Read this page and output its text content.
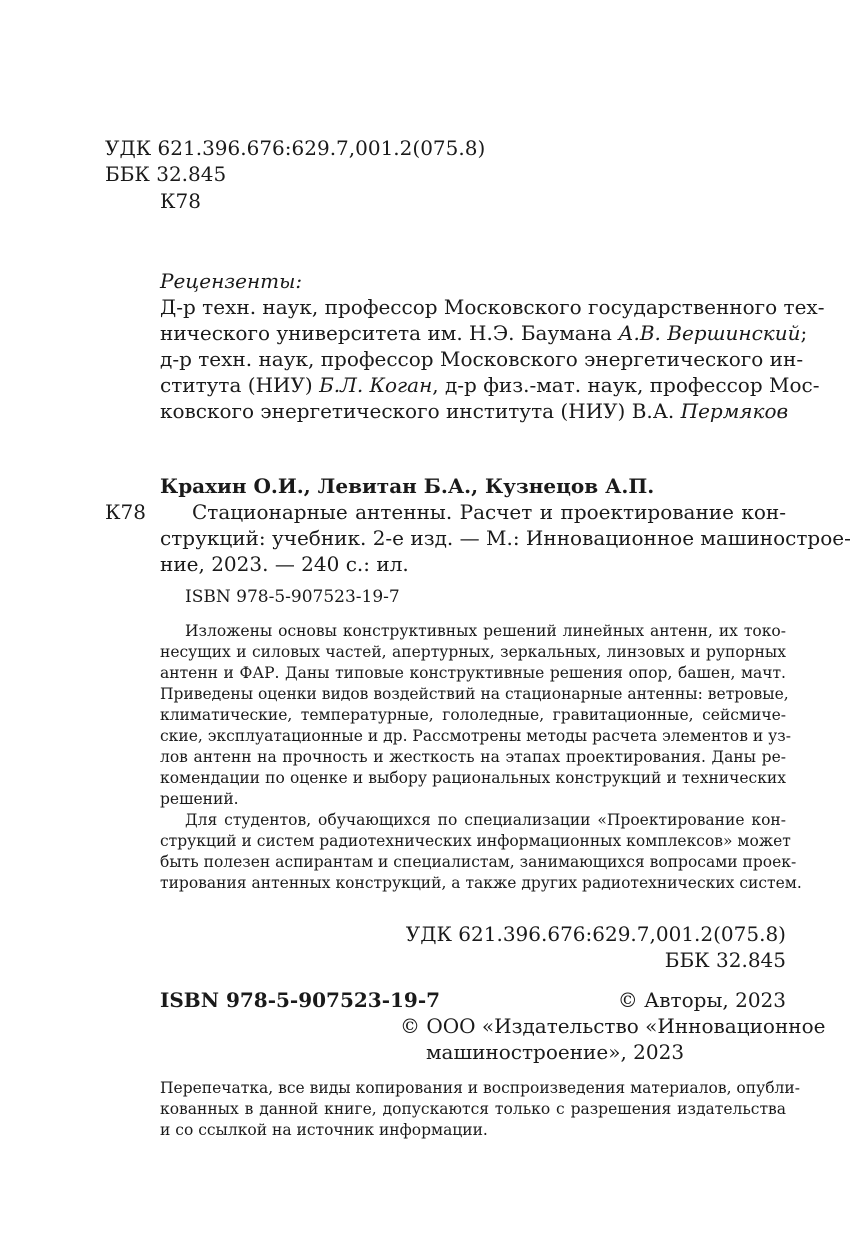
УДК 621.396.676:629.7,001.2(075.8)
ББК 32.845
К78
Рецензенты:
Д-р техн. наук, профессор Московского государственного тех-
нического университета им. Н.Э. Баумана А.В. Вершинский;
д-р техн. наук, профессор Московского энергетического ин-
ститута (НИУ) Б.Л. Коган, д-р физ.-мат. наук, профессор Мос-
ковского энергетического института (НИУ) В.А. Пермяков
Крахин О.И., Левитан Б.А., Кузнецов А.П.
К78	Стационарные антенны. Расчет и проектирование кон-
струкций: учебник. 2-е изд. — М.: Инновационное машинострое-
ние, 2023. — 240 с.: ил.
ISBN 978-5-907523-19-7
Изложены основы конструктивных решений линейных антенн, их токо-
несущих и силовых частей, апертурных, зеркальных, линзовых и рупорных
антенн и ФАР. Даны типовые конструктивные решения опор, башен, мачт.
Приведены оценки видов воздействий на стационарные антенны: ветровые,
климатические, температурные, гололедные, гравитационные, сейсмиче-
ские, эксплуатационные и др. Рассмотрены методы расчета элементов и уз-
лов антенн на прочность и жесткость на этапах проектирования. Даны ре-
комендации по оценке и выбору рациональных конструкций и технических
решений.
Для студентов, обучающихся по специализации «Проектирование кон-
струкций и систем радиотехнических информационных комплексов» может
быть полезен аспирантам и специалистам, занимающихся вопросами проек-
тирования антенных конструкций, а также других радиотехнических систем.
УДК 621.396.676:629.7,001.2(075.8)
ББК 32.845
ISBN 978-5-907523-19-7	© Авторы, 2023
© ООО «Издательство «Инновационное
машиностроение», 2023
Перепечатка, все виды копирования и воспроизведения материалов, опубли-
кованных в данной книге, допускаются только с разрешения издательства
и со ссылкой на источник информации.
